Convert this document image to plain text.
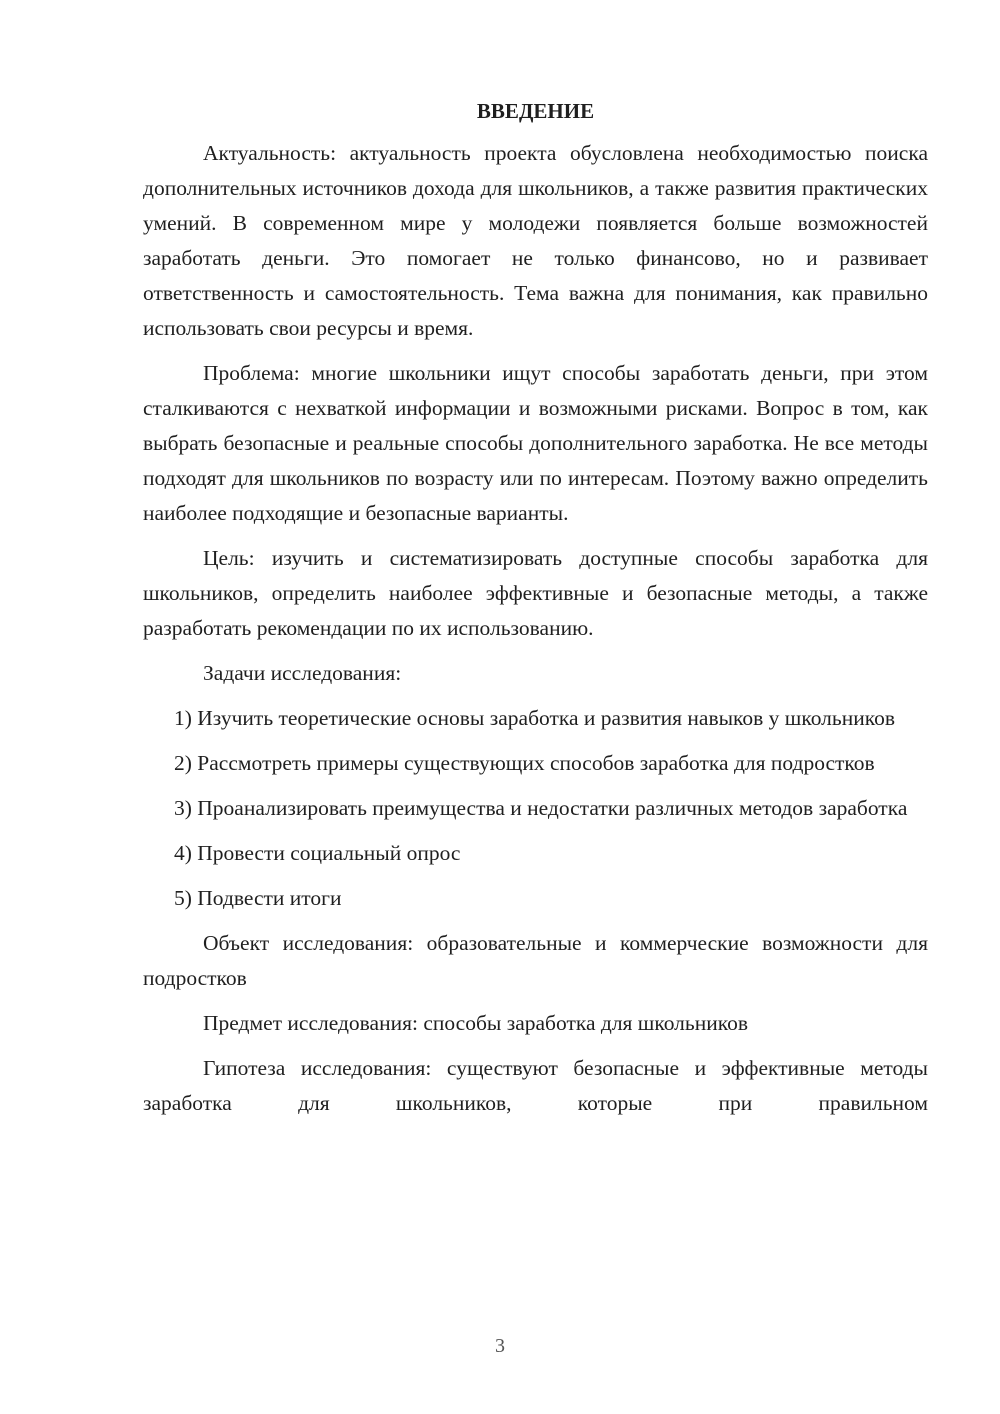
ВВЕДЕНИЕ

Актуальность: актуальность проекта обусловлена необходимостью поиска дополнительных источников дохода для школьников, а также развития практических умений. В современном мире у молодежи появляется больше возможностей заработать деньги. Это помогает не только финансово, но и развивает ответственность и самостоятельность. Тема важна для понимания, как правильно использовать свои ресурсы и время.

Проблема: многие школьники ищут способы заработать деньги, при этом сталкиваются с нехваткой информации и возможными рисками. Вопрос в том, как выбрать безопасные и реальные способы дополнительного заработка. Не все методы подходят для школьников по возрасту или по интересам. Поэтому важно определить наиболее подходящие и безопасные варианты.

Цель: изучить и систематизировать доступные способы заработка для школьников, определить наиболее эффективные и безопасные методы, а также разработать рекомендации по их использованию.

Задачи исследования:

1) Изучить теоретические основы заработка и развития навыков у школьников

2) Рассмотреть примеры существующих способов заработка для подростков

3) Проанализировать преимущества и недостатки различных методов заработка

4) Провести социальный опрос

5) Подвести итоги

Объект исследования: образовательные и коммерческие возможности для подростков

Предмет исследования: способы заработка для школьников

Гипотеза исследования: существуют безопасные и эффективные методы заработка для школьников, которые при правильном

3
